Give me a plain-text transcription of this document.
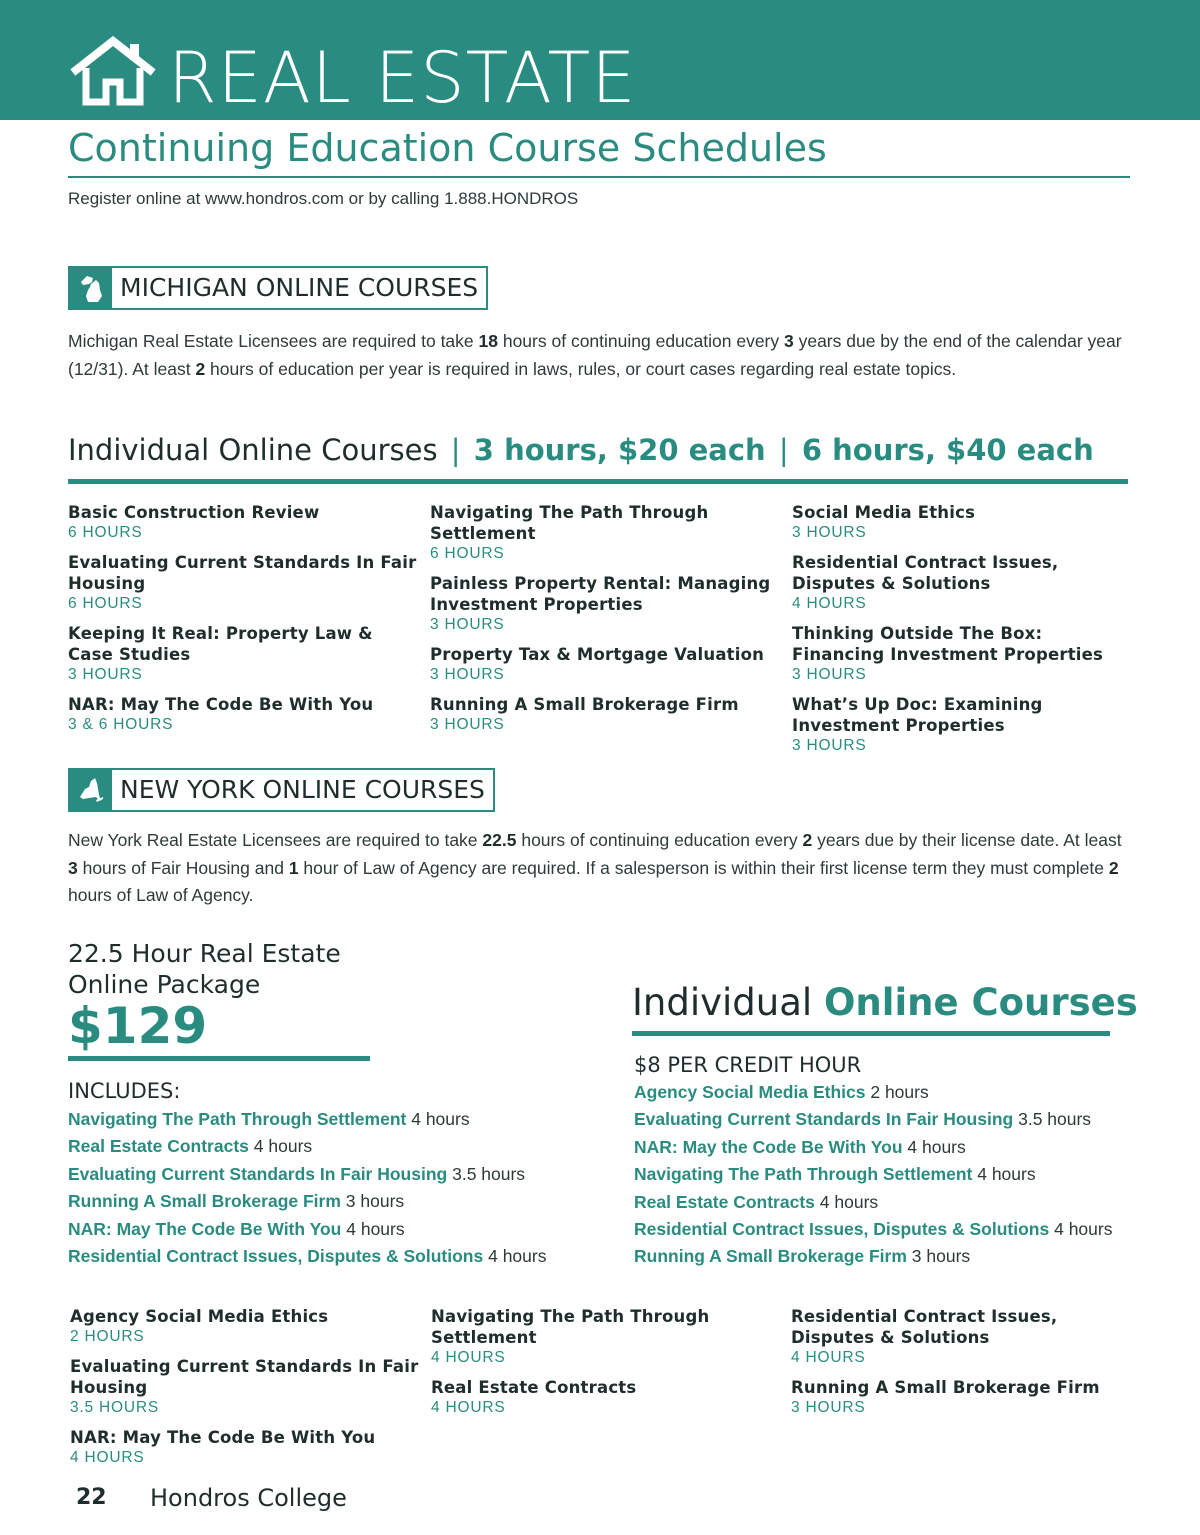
REAL ESTATE
Continuing Education Course Schedules
Register online at www.hondros.com or by calling 1.888.HONDROS
MICHIGAN ONLINE COURSES
Michigan Real Estate Licensees are required to take 18 hours of continuing education every 3 years due by the end of the calendar year (12/31). At least 2 hours of education per year is required in laws, rules, or court cases regarding real estate topics.
Individual Online Courses | 3 hours, $20 each | 6 hours, $40 each
Basic Construction Review
6 HOURS
Evaluating Current Standards In Fair Housing
6 HOURS
Keeping It Real: Property Law & Case Studies
3 HOURS
NAR: May The Code Be With You
3 & 6 HOURS
Navigating The Path Through Settlement
6 HOURS
Painless Property Rental: Managing Investment Properties
3 HOURS
Property Tax & Mortgage Valuation
3 HOURS
Running A Small Brokerage Firm
3 HOURS
Social Media Ethics
3 HOURS
Residential Contract Issues, Disputes & Solutions
4 HOURS
Thinking Outside The Box: Financing Investment Properties
3 HOURS
What’s Up Doc: Examining Investment Properties
3 HOURS
NEW YORK ONLINE COURSES
New York Real Estate Licensees are required to take 22.5 hours of continuing education every 2 years due by their license date. At least 3 hours of Fair Housing and 1 hour of Law of Agency are required. If a salesperson is within their first license term they must complete 2 hours of Law of Agency.
22.5 Hour Real Estate Online Package
$129
INCLUDES:
Navigating The Path Through Settlement 4 hours
Real Estate Contracts 4 hours
Evaluating Current Standards In Fair Housing 3.5 hours
Running A Small Brokerage Firm 3 hours
NAR: May The Code Be With You 4 hours
Residential Contract Issues, Disputes & Solutions 4 hours
Individual Online Courses
$8 PER CREDIT HOUR
Agency Social Media Ethics 2 hours
Evaluating Current Standards In Fair Housing 3.5 hours
NAR: May the Code Be With You 4 hours
Navigating The Path Through Settlement 4 hours
Real Estate Contracts 4 hours
Residential Contract Issues, Disputes & Solutions 4 hours
Running A Small Brokerage Firm 3 hours
Agency Social Media Ethics
2 HOURS
Evaluating Current Standards In Fair Housing
3.5 HOURS
NAR: May The Code Be With You
4 HOURS
Navigating The Path Through Settlement
4 HOURS
Real Estate Contracts
4 HOURS
Residential Contract Issues, Disputes & Solutions
4 HOURS
Running A Small Brokerage Firm
3 HOURS
22 Hondros College
